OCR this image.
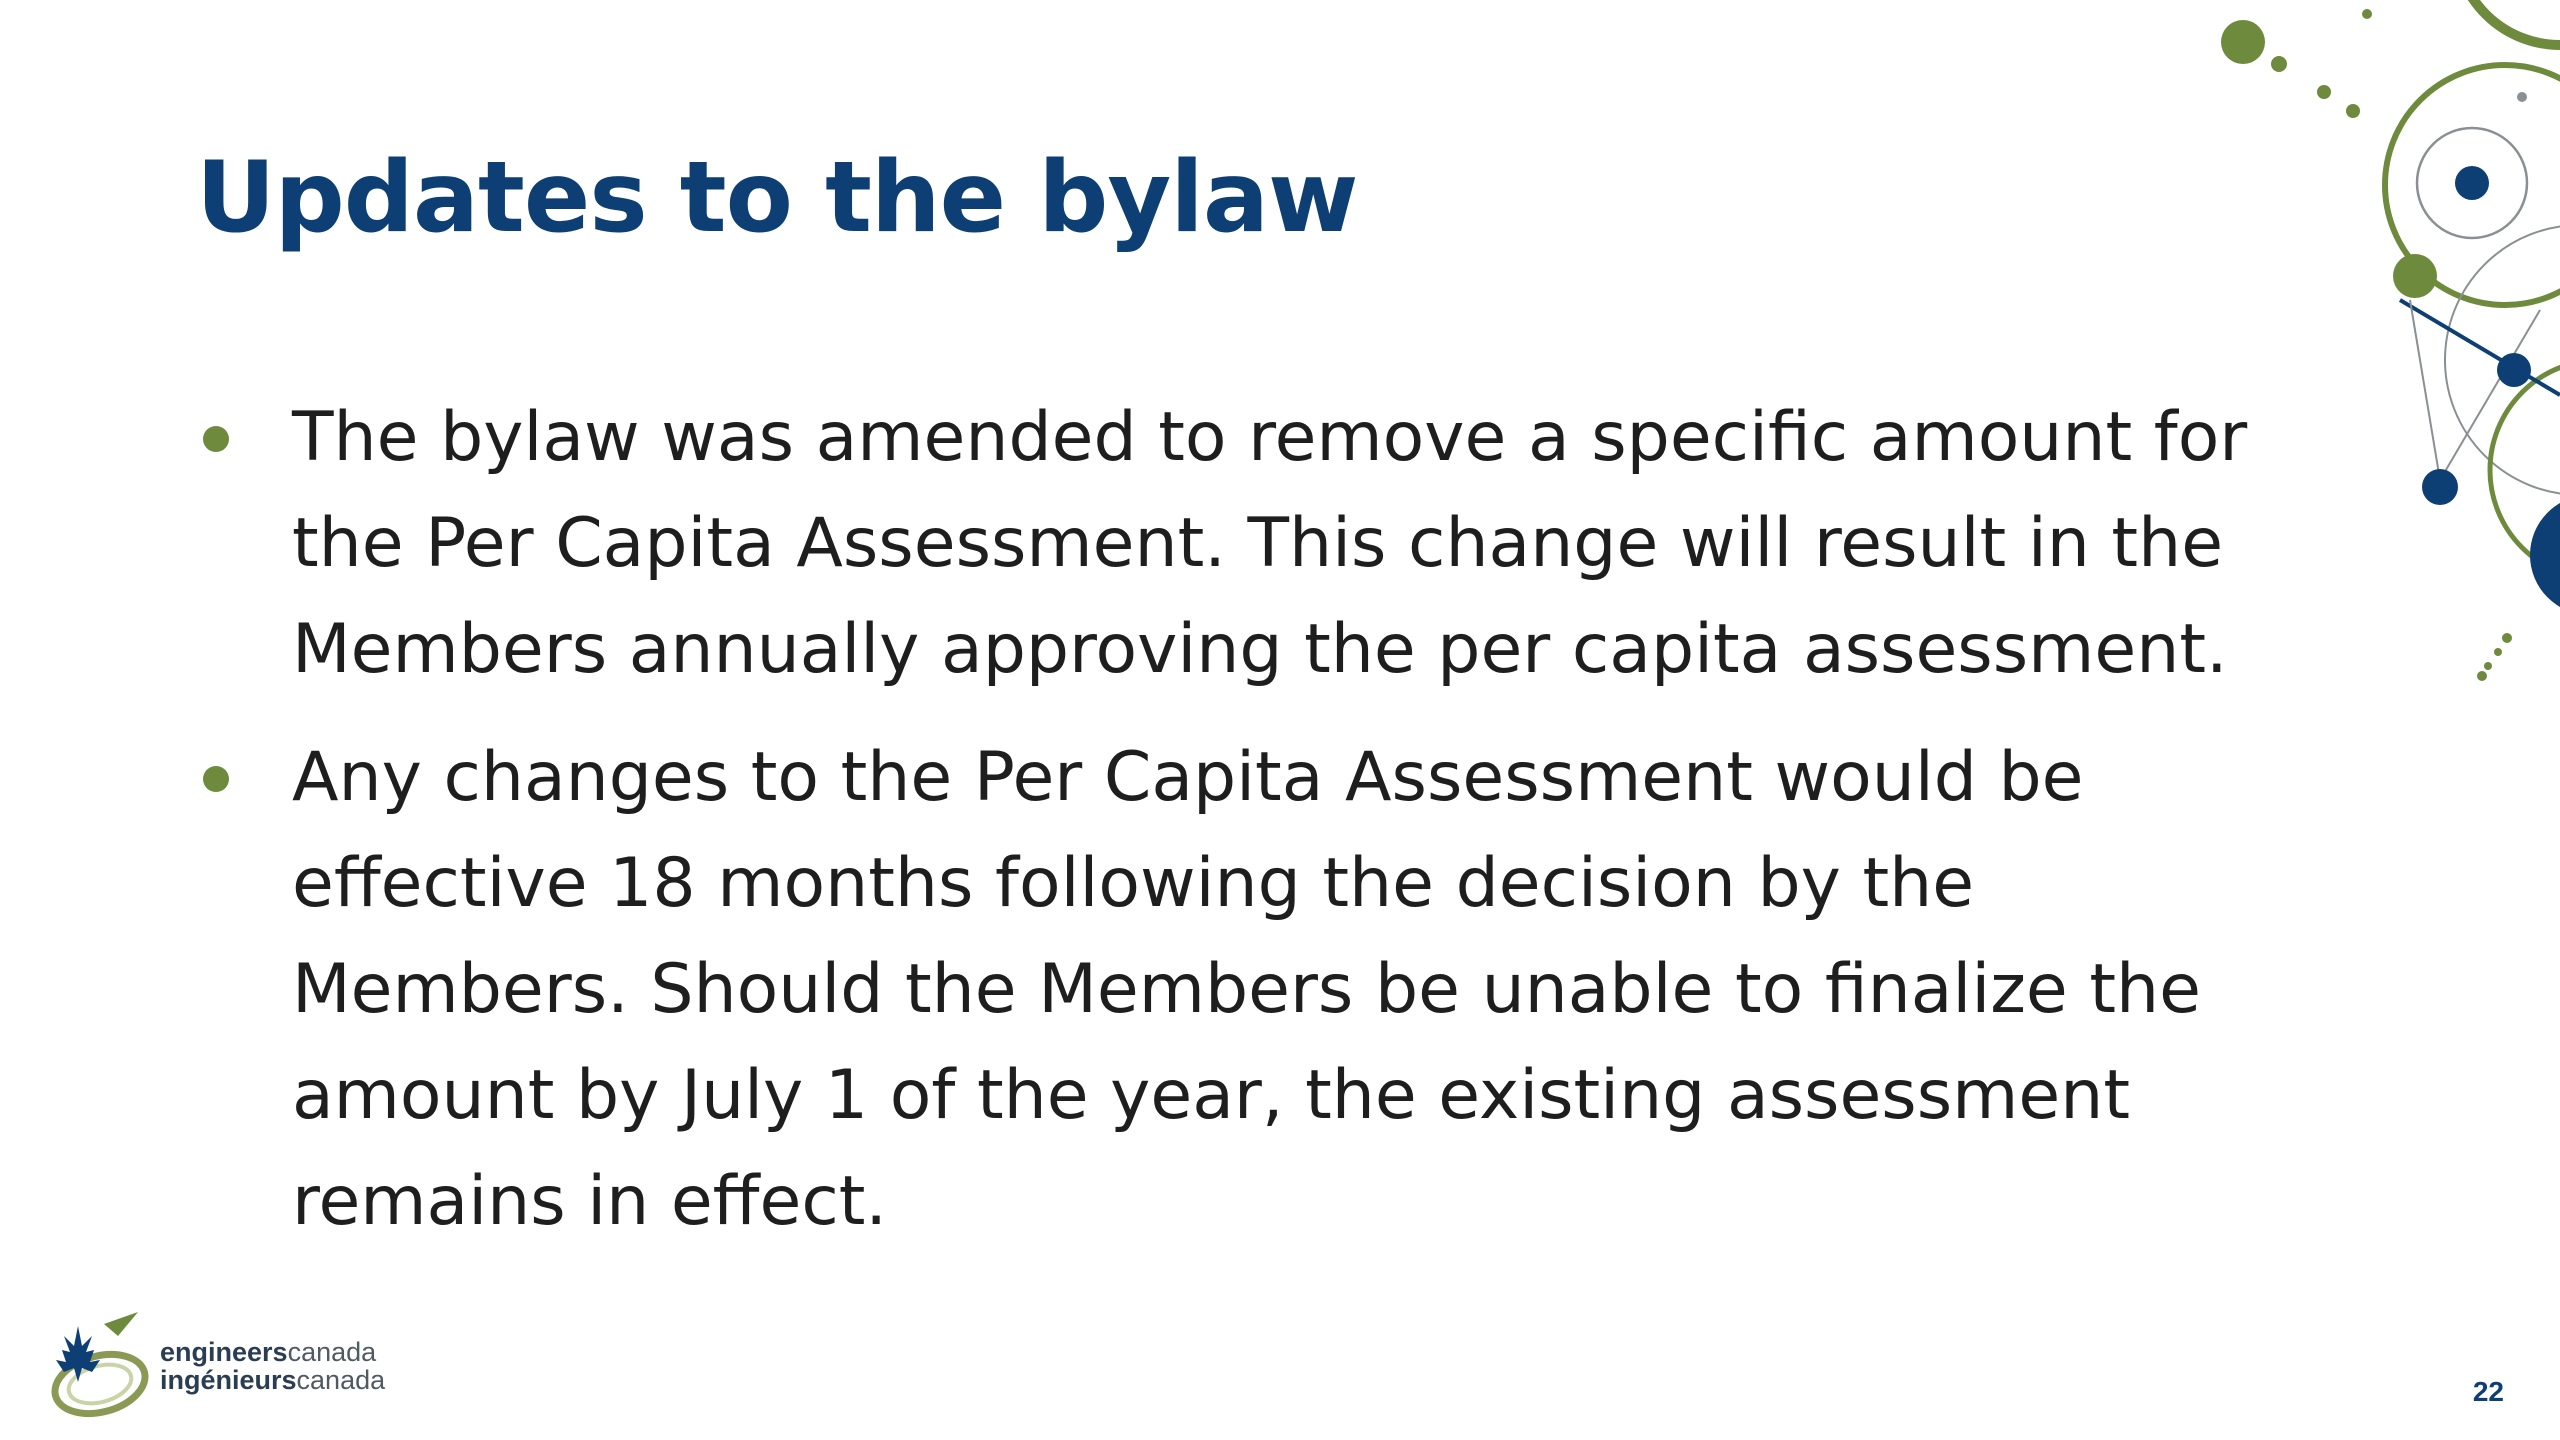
Updates to the bylaw
The bylaw was amended to remove a specific amount for the Per Capita Assessment. This change will result in the Members annually approving the per capita assessment.
Any changes to the Per Capita Assessment would be effective 18 months following the decision by the Members. Should the Members be unable to finalize the amount by July 1 of the year, the existing assessment remains in effect.
engineerscanada
ingénieurscanada	22
